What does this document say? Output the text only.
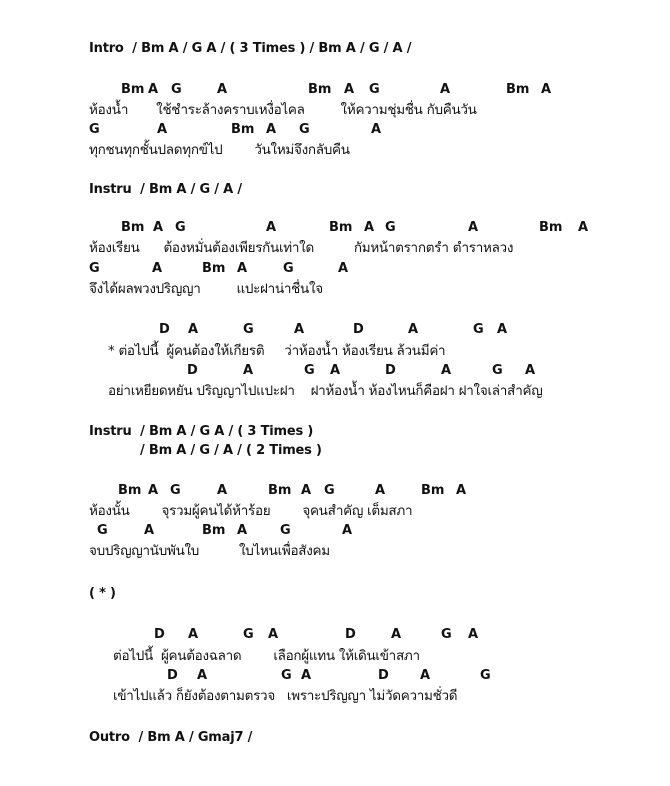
Intro  / Bm A / G A / ( 3 Times ) / Bm A / G / A /
Bm A G	A	Bm A G	A	Bm A
ห้องน้ำ       ใช้ชำระล้างคราบเหงื่อไคล         ให้ความชุ่มชื่น กับคืนวัน
G	A	Bm A G	A
ทุกชนทุกชั้นปลดทุกข์ไป        วันใหม่จึงกลับคืน
Instru  / Bm A / G / A /
Bm A G	A	Bm A G	A	Bm A
ห้องเรียน      ต้องหมั่นต้องเพียรกันเท่าใด          กัมหน้าตรากตรำ ตำราหลวง
G	A	Bm A	G	A
จึงได้ผลพวงปริญญา         แปะฝาน่าชื่นใจ
D A	G	A	D	A	G A
* ต่อไปนี้  ผู้คนต้องให้เกียรติ     ว่าห้องน้ำ ห้องเรียน ล้วนมีค่า
D	A	G A	D	A	G A
อย่าเหยียดหยัน ปริญญาไปแปะฝา    ฝาห้องน้ำ ห้องไหนก็คือฝา ฝาใจเล่าสำคัญ
Instru  / Bm A / G A / ( 3 Times )
/ Bm A / G / A / ( 2 Times )
Bm A G	A	Bm A G	A	Bm A
ห้องนั้น        จุรวมผู้คนได้ห้าร้อย        จุคนสำคัญ เต็มสภา
G	A	Bm A	G	A
จบปริญญานับพันใบ          ใบไหนเพื่อสังคม
( * )
D A	G A	D	A	G A
ต่อไปนี้  ผู้คนต้องฉลาด        เลือกผู้แทน ให้เดินเข้าสภา
D A	G A	D A	G
เข้าไปแล้ว ก็ยังต้องตามตรวจ   เพราะปริญญา ไม่วัดความชั่วดี
Outro  / Bm A / Gmaj7 /
